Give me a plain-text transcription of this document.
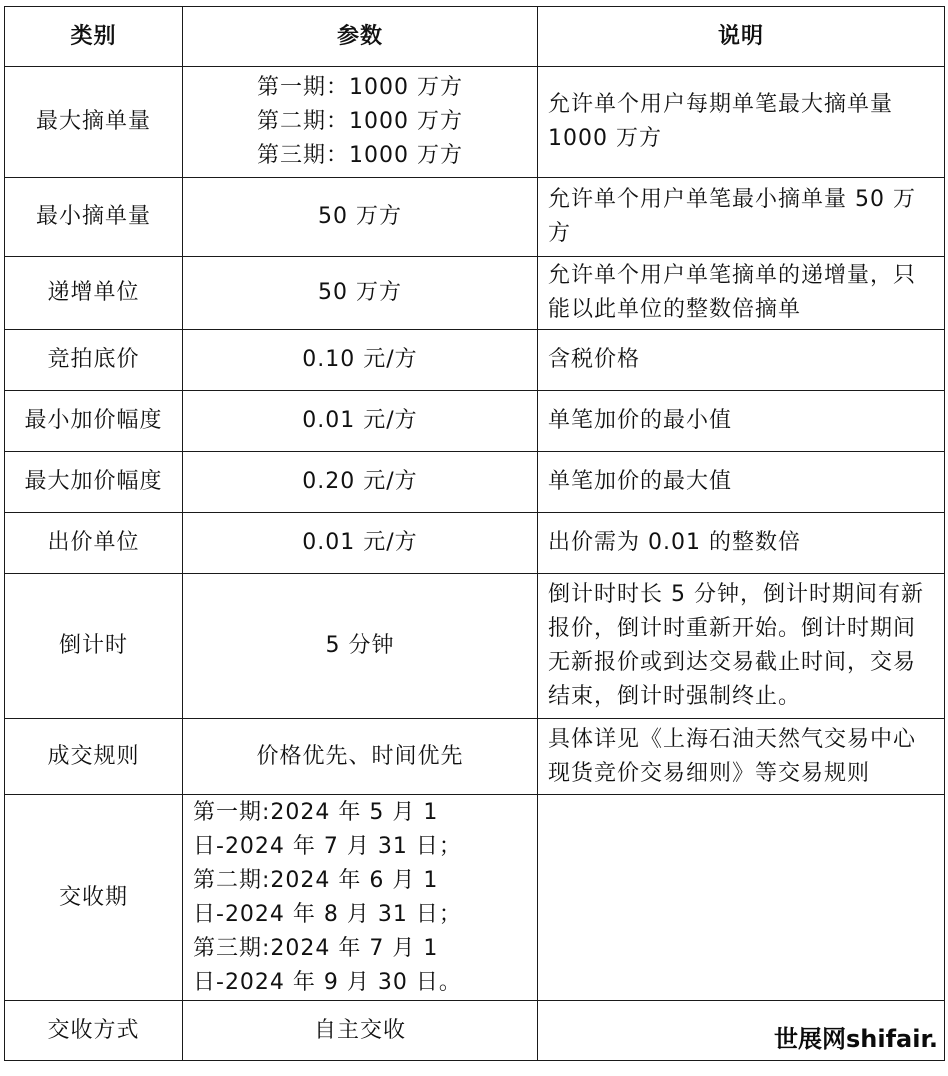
类别	参数	说明
最大摘单量	第一期：1000 万方
第二期：1000 万方
第三期：1000 万方	允许单个用户每期单笔最大摘单量1000 万方
最小摘单量	50 万方	允许单个用户单笔最小摘单量 50 万方
递增单位	50 万方	允许单个用户单笔摘单的递增量，只能以此单位的整数倍摘单
竞拍底价	0.10 元/方	含税价格
最小加价幅度	0.01 元/方	单笔加价的最小值
最大加价幅度	0.20 元/方	单笔加价的最大值
出价单位	0.01 元/方	出价需为 0.01 的整数倍
倒计时	5 分钟	倒计时时长 5 分钟，倒计时期间有新报价，倒计时重新开始。倒计时期间无新报价或到达交易截止时间，交易结束，倒计时强制终止。
成交规则	价格优先、时间优先	具体详见《上海石油天然气交易中心现货竞价交易细则》等交易规则
交收期	第一期:2024 年 5 月 1 日-2024 年 7 月 31 日；
第二期:2024 年 6 月 1 日-2024 年 8 月 31 日；
第三期:2024 年 7 月 1 日-2024 年 9 月 30 日。	

交收方式	自主交收	
		世展网shifair.
